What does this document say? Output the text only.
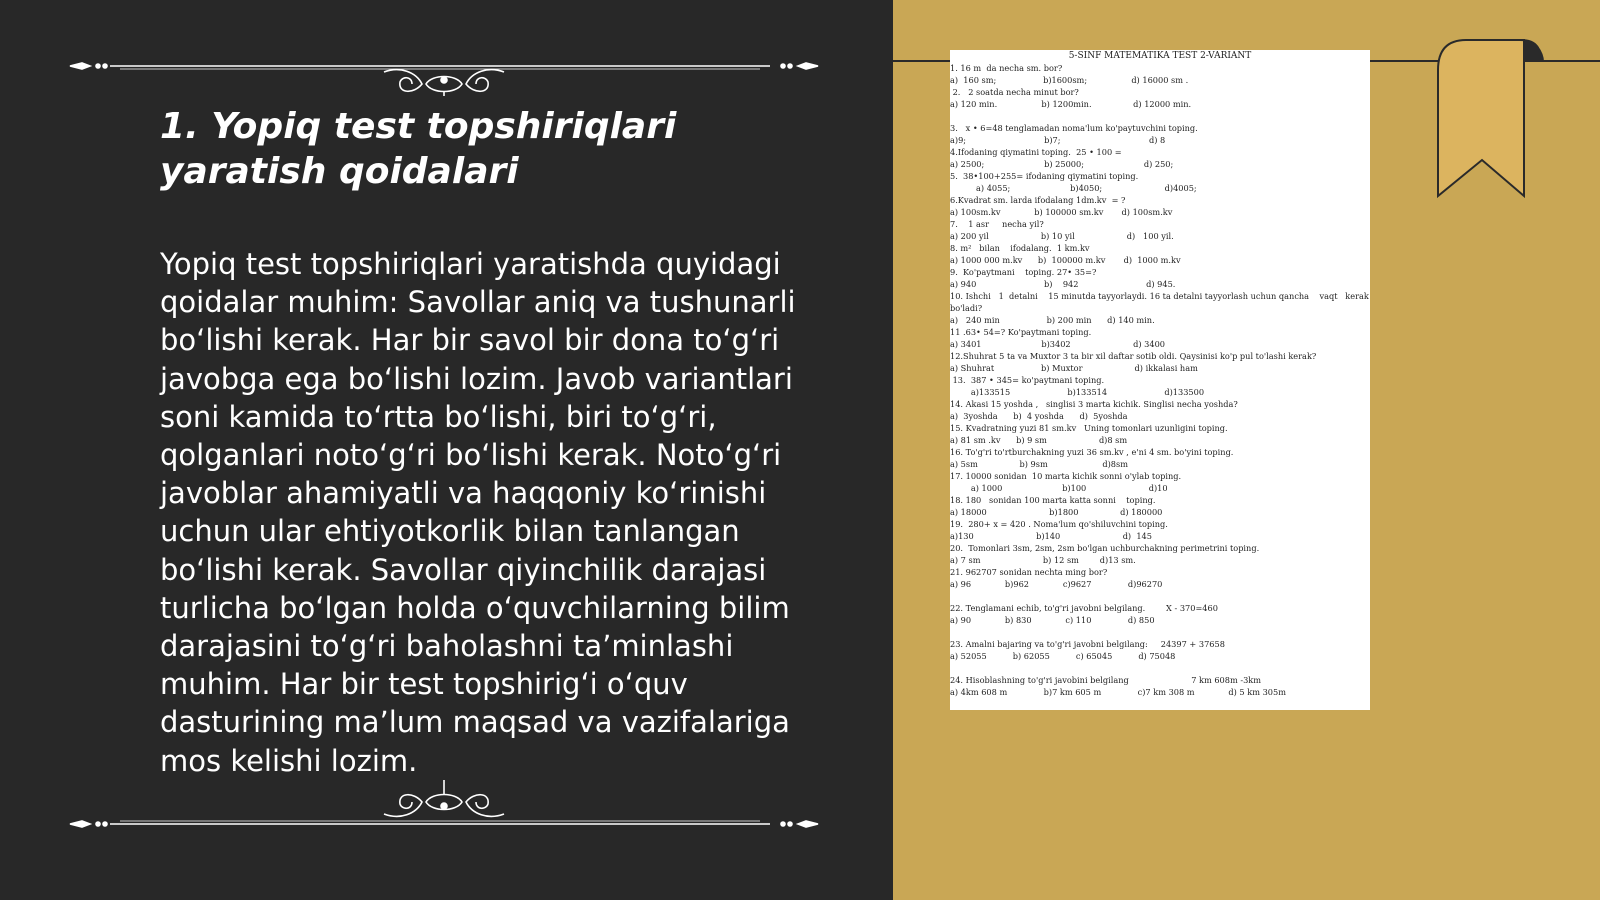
1. Yopiq test topshiriqlari yaratish qoidalari

Yopiq test topshiriqlari yaratishda quyidagi qoidalar muhim: Savollar aniq va tushunarli boʻlishi kerak. Har bir savol bir dona toʻgʻri javobga ega boʻlishi lozim. Javob variantlari soni kamida toʻrtta boʻlishi, biri toʻgʻri, qolganlari notoʻgʻri boʻlishi kerak. Notoʻgʻri javoblar ahamiyatli va haqqoniy koʻrinishi uchun ular ehtiyotkorlik bilan tanlangan boʻlishi kerak. Savollar qiyinchilik darajasi turlicha boʻlgan holda oʻquvchilarning bilim darajasini toʻgʻri baholashni taʼminlashi muhim. Har bir test topshirigʻi oʻquv dasturining maʼlum maqsad va vazifalariga mos kelishi lozim.

5-SINF MATEMATIKA TEST 2-VARIANT
1. 16 m  da necha sm. bor?
a)  160 sm;                  b)1600sm;                 d) 16000 sm .
2.   2 soatda necha minut bor?
a) 120 min.                 b) 1200min.                d) 12000 min.
3.   x • 6=48 tenglamadan noma'lum ko'paytuvchini toping.
a)9;                              b)7;                                  d) 8
4.Ifodaning qiymatini toping.  25 • 100 =
a) 2500;                       b) 25000;                       d) 250;
5.  38•100+255= ifodaning qiymatini toping.
a) 4055;                       b)4050;                        d)4005;
6.Kvadrat sm. larda ifodalang 1dm.kv  = ?
a) 100sm.kv             b) 100000 sm.kv       d) 100sm.kv
7.    1 asr     necha yil?
a) 200 yil                    b) 10 yil                    d)   100 yil.
8. m²   bilan    ifodalang.  1 km.kv
a) 1000 000 m.kv      b)  100000 m.kv       d)  1000 m.kv
9.  Ko'paytmani    toping. 27• 35=?
a) 940                          b)    942                          d) 945.
10. Ishchi   1  detalni    15 minutda tayyorlaydi. 16 ta detalni tayyorlash uchun qancha    vaqt   kerak
bo'ladi?
a)   240 min                  b) 200 min      d) 140 min.
11 .63• 54=? Ko'paytmani toping.
a) 3401                       b)3402                        d) 3400
12.Shuhrat 5 ta va Muxtor 3 ta bir xil daftar sotib oldi. Qaysinisi ko'p pul to'lashi kerak?
a) Shuhrat                  b) Muxtor                    d) ikkalasi ham
13.  387 • 345= ko'paytmani toping.
a)133515                      b)133514                      d)133500
14. Akasi 15 yoshda ,   singlisi 3 marta kichik. Singlisi necha yoshda?
a)  3yoshda      b)  4 yoshda      d)  5yoshda
15. Kvadratning yuzi 81 sm.kv   Uning tomonlari uzunligini toping.
a) 81 sm .kv      b) 9 sm                    d)8 sm
16. To'g'ri to'rtburchakning yuzi 36 sm.kv , e'ni 4 sm. bo'yini toping.
a) 5sm                b) 9sm                     d)8sm
17. 10000 sonidan  10 marta kichik sonni o'ylab toping.
a) 1000                       b)100                        d)10
18. 180   sonidan 100 marta katta sonni    toping.
a) 18000                        b)1800                d) 180000
19.  280+ x = 420 . Noma'lum qo'shiluvchini toping.
a)130                        b)140                        d)  145
20.  Tomonlari 3sm, 2sm, 2sm bo'lgan uchburchakning perimetrini toping.
a) 7 sm                        b) 12 sm        d)13 sm.
21. 962707 sonidan nechta ming bor?
a) 96             b)962             c)9627              d)96270
22. Tenglamani echib, to'g'ri javobni belgilang.        X - 370=460
a) 90             b) 830             c) 110              d) 850
23. Amalni bajaring va to'g'ri javobni belgilang:     24397 + 37658
a) 52055          b) 62055          c) 65045          d) 75048
24. Hisoblashning to'g'ri javobini belgilang                        7 km 608m -3km
a) 4km 608 m              b)7 km 605 m              c)7 km 308 m             d) 5 km 305m
